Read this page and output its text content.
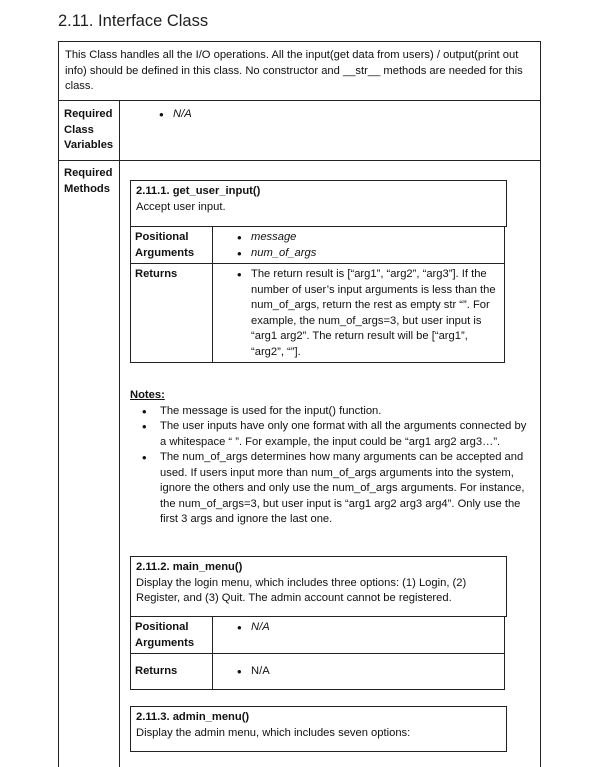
2.11. Interface Class
This Class handles all the I/O operations. All the input(get data from users) / output(print out info) should be defined in this class. No constructor and __str__ methods are needed for this class.
Required Class Variables
• N/A
Required Methods	2.11.1. get_user_input()
Accept user input.
Positional Arguments	• message
• num_of_args

Returns	• The return result is [“arg1”, “arg2”, “arg3”]. If the number of user’s input arguments is less than the num_of_args, return the rest as empty str “”. For example, the num_of_args=3, but user input is “arg1 arg2”. The return result will be [“arg1”, “arg2”, “”].
Notes:
• The message is used for the input() function.
• The user inputs have only one format with all the arguments connected by a whitespace “ ”. For example, the input could be “arg1 arg2 arg3…”.
• The num_of_args determines how many arguments can be accepted and used. If users input more than num_of_args arguments into the system, ignore the others and only use the num_of_args arguments. For instance, the num_of_args=3, but user input is “arg1 arg2 arg3 arg4”. Only use the first 3 args and ignore the last one.
2.11.2. main_menu()
Display the login menu, which includes three options: (1) Login, (2) Register, and (3) Quit. The admin account cannot be registered.
Positional Arguments	• N/A

Returns	• N/A
2.11.3. admin_menu()
Display the admin menu, which includes seven options:
